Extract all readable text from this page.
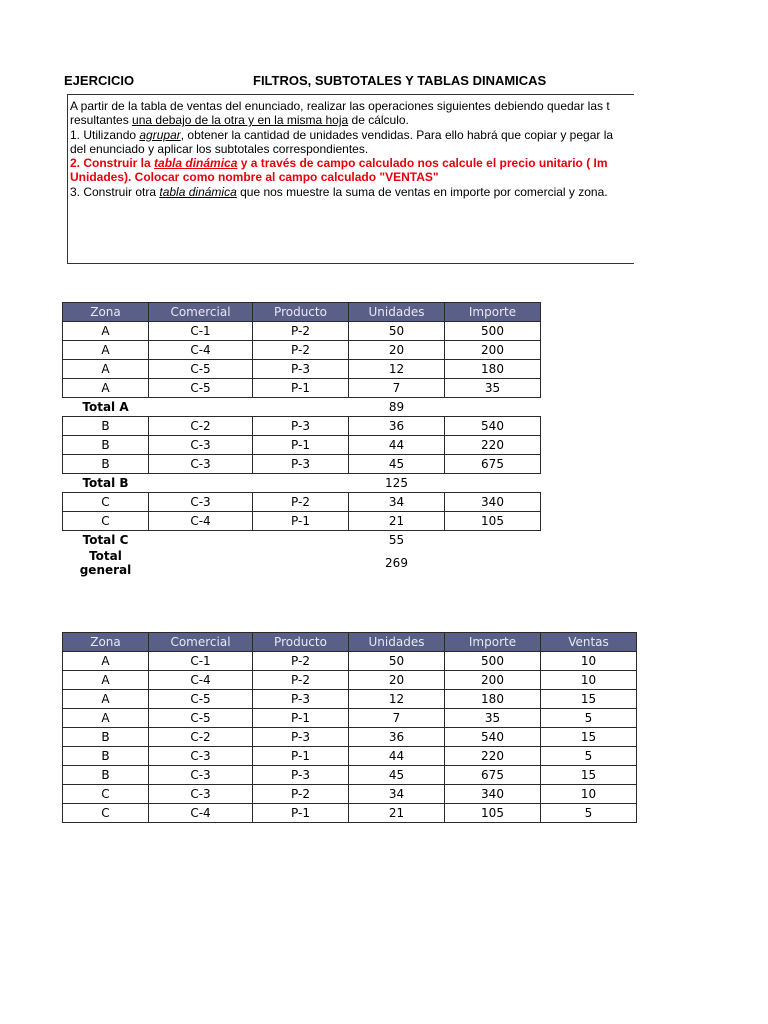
EJERCICIO	FILTROS, SUBTOTALES Y TABLAS DINAMICAS
A partir de la tabla de ventas del enunciado, realizar las operaciones siguientes debiendo quedar las t
resultantes una debajo de la otra y en la misma hoja de cálculo.
1. Utilizando agrupar, obtener la cantidad de unidades vendidas. Para ello habrá que copiar y pegar la
del enunciado y aplicar los subtotales correspondientes.
2. Construir la tabla dinámica y a través de campo calculado nos calcule el precio unitario ( Im
Unidades). Colocar como nombre al campo calculado "VENTAS"
3. Construir otra tabla dinámica que nos muestre la suma de ventas en importe por comercial y zona.
Zona	Comercial	Producto	Unidades	Importe
A	C-1	P-2	50	500
A	C-4	P-2	20	200
A	C-5	P-3	12	180
A	C-5	P-1	7	35
Total A			89	
B	C-2	P-3	36	540
B	C-3	P-1	44	220
B	C-3	P-3	45	675
Total B			125	
C	C-3	P-2	34	340
C	C-4	P-1	21	105
Total C			55	
Total general			269	
Zona	Comercial	Producto	Unidades	Importe	Ventas
A	C-1	P-2	50	500	10
A	C-4	P-2	20	200	10
A	C-5	P-3	12	180	15
A	C-5	P-1	7	35	5
B	C-2	P-3	36	540	15
B	C-3	P-1	44	220	5
B	C-3	P-3	45	675	15
C	C-3	P-2	34	340	10
C	C-4	P-1	21	105	5
